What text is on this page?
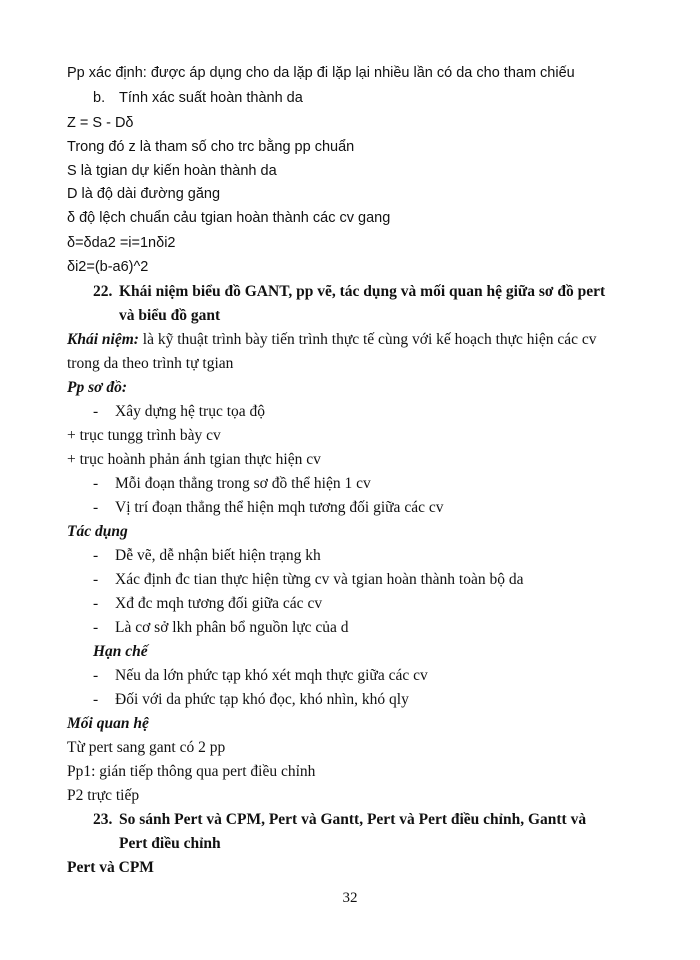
Pp xác định: được áp dụng cho da lặp đi lặp lại nhiều lần có da cho tham chiếu
b. Tính xác suất hoàn thành da
Z = S - Dδ
Trong đó z là tham số cho trc bằng pp chuẩn
S là tgian dự kiến hoàn thành da
D là độ dài đường găng
δ độ lệch chuẩn cảu tgian hoàn thành các cv gang
δ=δda2 =i=1nδi2
δi2=(b-a6)^2
22. Khái niệm biểu đồ GANT, pp vẽ, tác dụng và mối quan hệ giữa sơ đồ pert
và biểu đồ gant
Khái niệm: là kỹ thuật trình bày tiến trình thực tế cùng với kế hoạch thực hiện các cv
trong da theo trình tự tgian
Pp sơ đồ:
- Xây dựng hệ trục tọa độ
+ trục tungg trình bày cv
+ trục hoành phản ánh tgian thực hiện cv
- Mỗi đoạn thẳng trong sơ đồ thể hiện 1 cv
- Vị trí đoạn thẳng thể hiện mqh tương đối giữa các cv
Tác dụng
- Dễ vẽ, dễ nhận biết hiện trạng kh
- Xác định đc tian thực hiện từng cv và tgian hoàn thành toàn bộ da
- Xđ đc mqh tương đối giữa các cv
- Là cơ sở lkh phân bổ nguồn lực của d
Hạn chế
- Nếu da lớn phức tạp khó xét mqh thực giữa các cv
- Đối với da phức tạp khó đọc, khó nhìn, khó qly
Mối quan hệ
Từ pert sang gant có 2 pp
Pp1: gián tiếp thông qua pert điều chỉnh
P2 trực tiếp
23. So sánh Pert và CPM, Pert và Gantt, Pert và Pert điều chỉnh, Gantt và
Pert điều chỉnh
Pert và CPM
32
